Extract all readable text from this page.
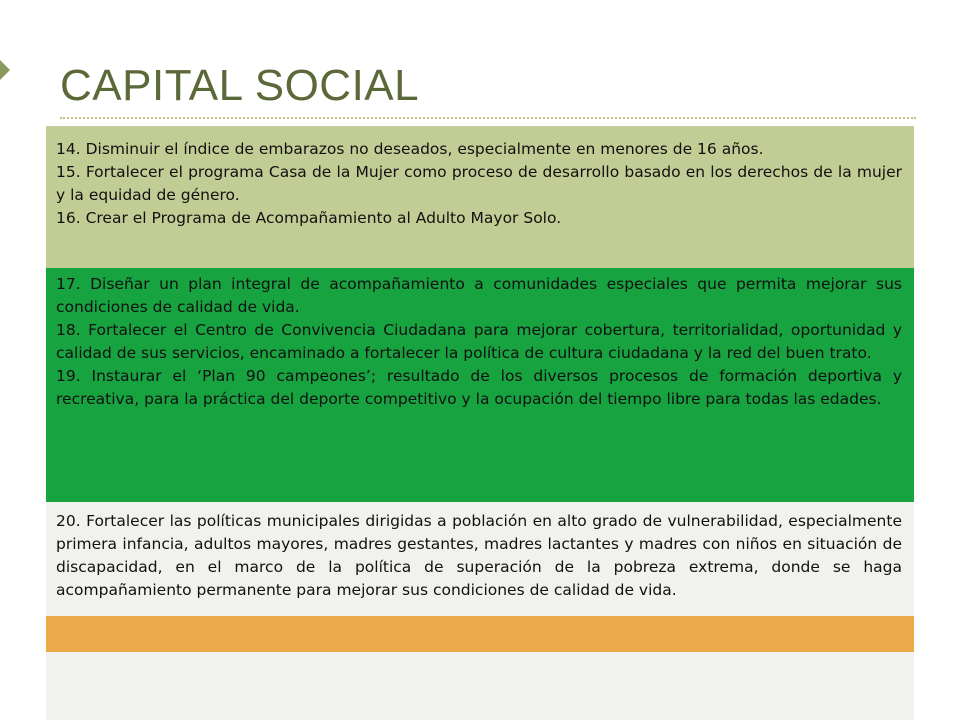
CAPITAL SOCIAL

14. Disminuir el índice de embarazos no deseados, especialmente en menores de 16 años.

15. Fortalecer el programa Casa de la Mujer como proceso de desarrollo basado en los derechos de la mujer y la equidad de género.

16. Crear el Programa de Acompañamiento al Adulto Mayor Solo.

17. Diseñar un plan integral de acompañamiento a comunidades especiales que permita mejorar sus condiciones de calidad de vida.

18. Fortalecer el Centro de Convivencia Ciudadana para mejorar cobertura, territorialidad, oportunidad y calidad de sus servicios, encaminado a fortalecer la política de cultura ciudadana y la red del buen trato.

19. Instaurar el ‘Plan 90 campeones’; resultado de los diversos procesos de formación deportiva y recreativa, para la práctica del deporte competitivo y la ocupación del tiempo libre para todas las edades.

20. Fortalecer las políticas municipales dirigidas a población en alto grado de vulnerabilidad, especialmente primera infancia, adultos mayores, madres gestantes, madres lactantes y madres con niños en situación de discapacidad, en el marco de la política de superación de la pobreza extrema, donde se haga acompañamiento permanente para mejorar sus condiciones de calidad de vida.
